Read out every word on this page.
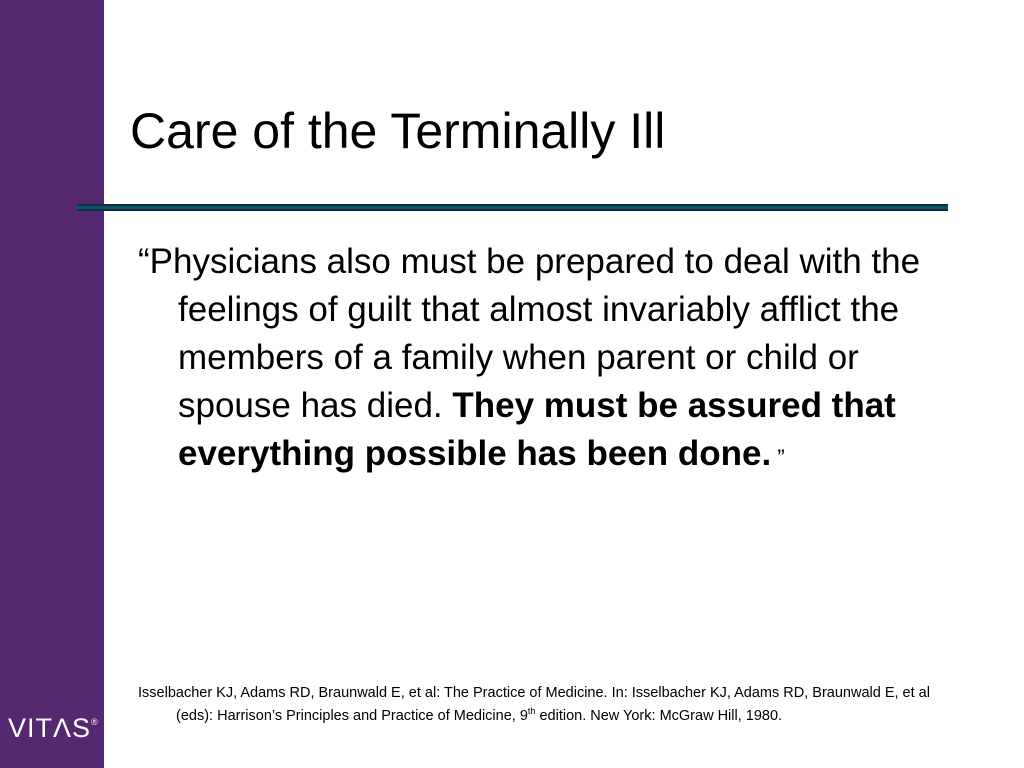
VITΛS®
Care of the Terminally Ill

“Physicians also must be prepared to deal with the feelings of guilt that almost invariably afflict the members of a family when parent or child or spouse has died. They must be assured that everything possible has been done. ”

Isselbacher KJ, Adams RD, Braunwald E, et al: The Practice of Medicine. In: Isselbacher KJ, Adams RD, Braunwald E, et al (eds): Harrison’s Principles and Practice of Medicine, 9th edition. New York: McGraw Hill, 1980.
